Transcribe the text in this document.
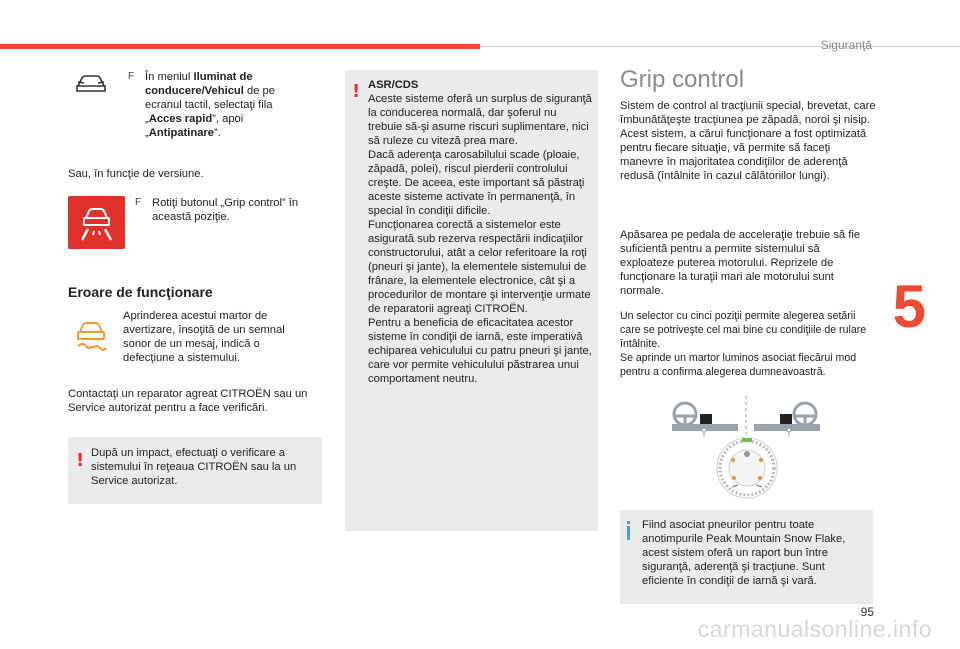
Siguranţă
5
95
carmanualsonline.info
F În meniul Iluminat de conducere/Vehicul de pe ecranul tactil, selectaţi fila „Acces rapid”, apoi „Antipatinare”.
Sau, în funcţie de versiune.
F Rotiţi butonul „Grip control” în această poziţie.
Eroare de funcţionare
Aprinderea acestui martor de avertizare, însoţită de un semnal sonor de un mesaj, indică o defecţiune a sistemului.
Contactaţi un reparator agreat CITROËN sau un Service autorizat pentru a face verificări.
! După un impact, efectuaţi o verificare a sistemului în reţeaua CITROËN sau la un Service autorizat.
! ASR/CDS
Aceste sisteme oferă un surplus de siguranţă la conducerea normală, dar şoferul nu trebuie să-şi asume riscuri suplimentare, nici să ruleze cu viteză prea mare.
Dacă aderenţa carosabilului scade (ploaie, zăpadă, polei), riscul pierderii controlului creşte. De aceea, este important să păstraţi aceste sisteme activate în permanenţă, în special în condiţii dificile.
Funcţionarea corectă a sistemelor este asigurată sub rezerva respectării indicaţiilor constructorului, atât a celor referitoare la roţi (pneuri şi jante), la elementele sistemului de frânare, la elementele electronice, cât şi a procedurilor de montare şi intervenţie urmate de reparatorii agreaţi CITROËN.
Pentru a beneficia de eficacitatea acestor sisteme în condiţii de iarnă, este imperativă echiparea vehiculului cu patru pneuri şi jante, care vor permite vehiculului păstrarea unui comportament neutru.
Grip control
Sistem de control al tracţiunii special, brevetat, care îmbunătăţeşte tracţiunea pe zăpadă, noroi şi nisip.
Acest sistem, a cărui funcţionare a fost optimizată pentru fiecare situaţie, vă permite să faceţi manevre în majoritatea condiţiilor de aderenţă redusă (întâlnite în cazul călătoriilor lungi).
Apăsarea pe pedala de acceleraţie trebuie să fie suficientă pentru a permite sistemului să exploateze puterea motorului. Reprizele de funcţionare la turaţii mari ale motorului sunt normale.
Un selector cu cinci poziţii permite alegerea setării care se potriveşte cel mai bine cu condiţiile de rulare întâlnite.
Se aprinde un martor luminos asociat fiecărui mod pentru a confirma alegerea dumneavoastră.
Fiind asociat pneurilor pentru toate anotimpurile Peak Mountain Snow Flake, acest sistem oferă un raport bun între siguranţă, aderenţă şi tracţiune. Sunt eficiente în condiţii de iarnă şi vară.
